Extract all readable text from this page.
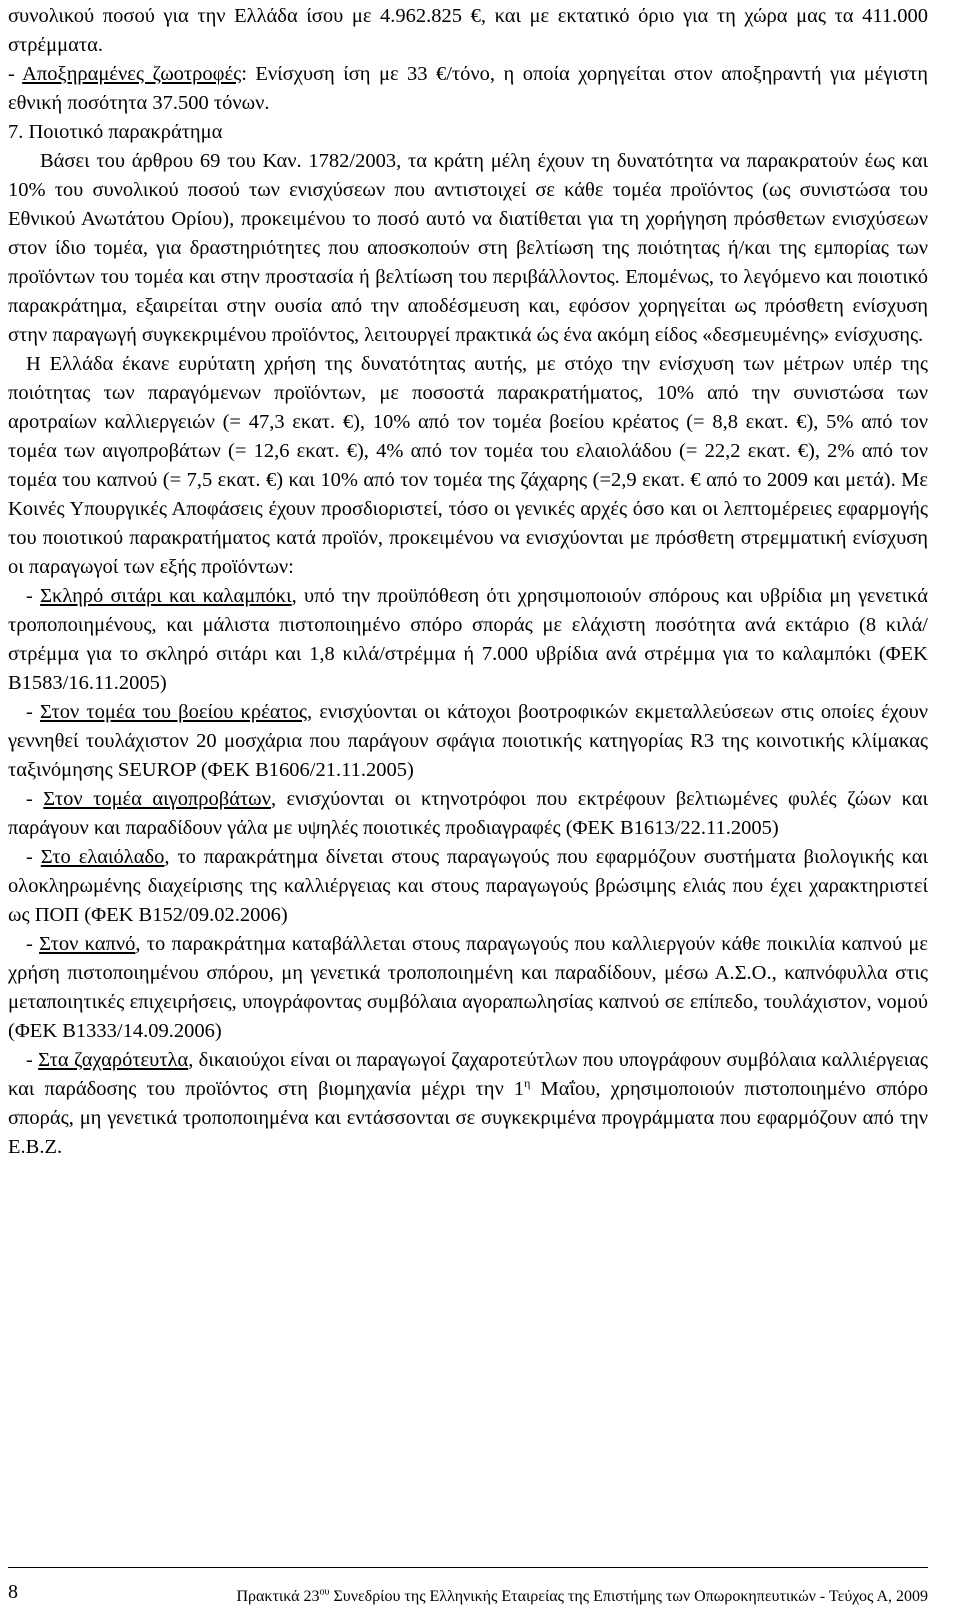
συνολικού ποσού για την Ελλάδα ίσου με 4.962.825 €, και με εκτατικό όριο για τη χώρα μας τα 411.000 στρέμματα.

- Αποξηραμένες ζωοτροφές: Ενίσχυση ίση με 33 €/τόνο, η οποία χορηγείται στον αποξηραντή για μέγιστη εθνική ποσότητα 37.500 τόνων.

7. Ποιοτικό παρακράτημα

Βάσει του άρθρου 69 του Καν. 1782/2003, τα κράτη μέλη έχουν τη δυνατότητα να παρακρατούν έως και 10% του συνολικού ποσού των ενισχύσεων που αντιστοιχεί σε κάθε τομέα προϊόντος (ως συνιστώσα του Εθνικού Ανωτάτου Ορίου), προκειμένου το ποσό αυτό να διατίθεται για τη χορήγηση πρόσθετων ενισχύσεων στον ίδιο τομέα, για δραστηριότητες που αποσκοπούν στη βελτίωση της ποιότητας ή/και της εμπορίας των προϊόντων του τομέα και στην προστασία ή βελτίωση του περιβάλλοντος. Επομένως, το λεγόμενο και ποιοτικό παρακράτημα, εξαιρείται στην ουσία από την αποδέσμευση και, εφόσον χορηγείται ως πρόσθετη ενίσχυση στην παραγωγή συγκεκριμένου προϊόντος, λειτουργεί πρακτικά ώς ένα ακόμη είδος «δεσμευμένης» ενίσχυσης.

Η Ελλάδα έκανε ευρύτατη χρήση της δυνατότητας αυτής, με στόχο την ενίσχυση των μέτρων υπέρ της ποιότητας των παραγόμενων προϊόντων, με ποσοστά παρακρατήματος, 10% από την συνιστώσα των αροτραίων καλλιεργειών (= 47,3 εκατ. €), 10% από τον τομέα βοείου κρέατος (= 8,8 εκατ. €), 5% από τον τομέα των αιγοπροβάτων (= 12,6 εκατ. €), 4% από τον τομέα του ελαιολάδου (= 22,2 εκατ. €), 2% από τον τομέα του καπνού (= 7,5 εκατ. €) και 10% από τον τομέα της ζάχαρης (=2,9 εκατ. € από το 2009 και μετά). Με Κοινές Υπουργικές Αποφάσεις έχουν προσδιοριστεί, τόσο οι γενικές αρχές όσο και οι λεπτομέρειες εφαρμογής του ποιοτικού παρακρατήματος κατά προϊόν, προκειμένου να ενισχύονται με πρόσθετη στρεμματική ενίσχυση οι παραγωγοί των εξής προϊόντων:

- Σκληρό σιτάρι και καλαμπόκι, υπό την προϋπόθεση ότι χρησιμοποιούν σπόρους και υβρίδια μη γενετικά τροποποιημένους, και μάλιστα πιστοποιημένο σπόρο σποράς με ελάχιστη ποσότητα ανά εκτάριο (8 κιλά/στρέμμα για το σκληρό σιτάρι και 1,8 κιλά/στρέμμα ή 7.000 υβρίδια ανά στρέμμα για το καλαμπόκι (ΦΕΚ Β1583/16.11.2005)

- Στον τομέα του βοείου κρέατος, ενισχύονται οι κάτοχοι βοοτροφικών εκμεταλλεύσεων στις οποίες έχουν γεννηθεί τουλάχιστον 20 μοσχάρια που παράγουν σφάγια ποιοτικής κατηγορίας R3 της κοινοτικής κλίμακας ταξινόμησης SEUROP (ΦΕΚ Β1606/21.11.2005)

- Στον τομέα αιγοπροβάτων, ενισχύονται οι κτηνοτρόφοι που εκτρέφουν βελτιωμένες φυλές ζώων και παράγουν και παραδίδουν γάλα με υψηλές ποιοτικές προδιαγραφές (ΦΕΚ Β1613/22.11.2005)

- Στο ελαιόλαδο, το παρακράτημα δίνεται στους παραγωγούς που εφαρμόζουν συστήματα βιολογικής και ολοκληρωμένης διαχείρισης της καλλιέργειας και στους παραγωγούς βρώσιμης ελιάς που έχει χαρακτηριστεί ως ΠΟΠ (ΦΕΚ Β152/09.02.2006)

- Στον καπνό, το παρακράτημα καταβάλλεται στους παραγωγούς που καλλιεργούν κάθε ποικιλία καπνού με χρήση πιστοποιημένου σπόρου, μη γενετικά τροποποιημένη και παραδίδουν, μέσω Α.Σ.Ο., καπνόφυλλα στις μεταποιητικές επιχειρήσεις, υπογράφοντας συμβόλαια αγοραπωλησίας καπνού σε επίπεδο, τουλάχιστον, νομού (ΦΕΚ Β1333/14.09.2006)

- Στα ζαχαρότευτλα, δικαιούχοι είναι οι παραγωγοί ζαχαροτεύτλων που υπογράφουν συμβόλαια καλλιέργειας και παράδοσης του προϊόντος στη βιομηχανία μέχρι την $1^\eta$ Μαΐου, χρησιμοποιούν πιστοποιημένο σπόρο σποράς, μη γενετικά τροποποιημένα και εντάσσονται σε συγκεκριμένα προγράμματα που εφαρμόζουν από την Ε.Β.Ζ.

8	Πρακτικά $23^{o\upsilon}$ Συνεδρίου της Ελληνικής Εταιρείας της Επιστήμης των Οπωροκηπευτικών - Τεύχος Α, 2009
